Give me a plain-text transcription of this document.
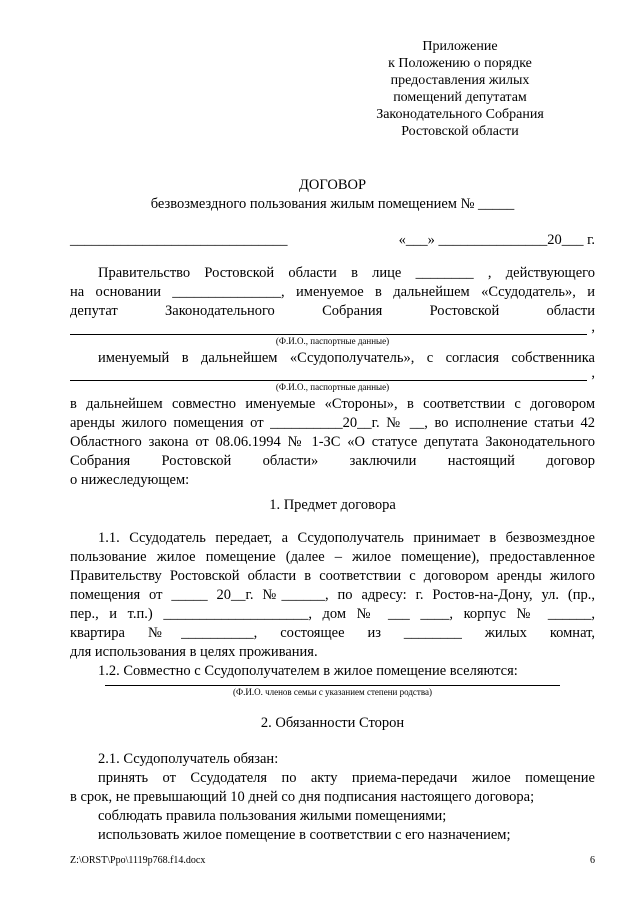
Приложение
к Положению о порядке
предоставления жилых
помещений депутатам
Законодательного Собрания
Ростовской области
ДОГОВОР
безвозмездного пользования жилым помещением № _____
______________________________	«___» _______________20___ г.
Правительство Ростовской области в лице ________ , действующего
на основании _______________, именуемое в дальнейшем «Ссудодатель», и
депутат Законодательного Собрания Ростовской области
,
(Ф.И.О., паспортные данные)
именуемый в дальнейшем «Ссудополучатель», с согласия собственника
,
(Ф.И.О., паспортные данные)
в дальнейшем совместно именуемые «Стороны», в соответствии с договором
аренды жилого помещения от __________20__г. № __, во исполнение статьи 42
Областного закона от 08.06.1994 № 1-ЗС «О статусе депутата Законодательного
Собрания Ростовской области» заключили настоящий договор
о нижеследующем:
1. Предмет договора
1.1. Ссудодатель передает, а Ссудополучатель принимает в безвозмездное
пользование жилое помещение (далее – жилое помещение), предоставленное
Правительству Ростовской области в соответствии с договором аренды жилого
помещения от _____ 20__г. №______, по адресу: г. Ростов-на-Дону, ул. (пр.,
пер., и т.п.) ____________________, дом № ___ ____, корпус № ______,
квартира №__________, состоящее из ________ жилых комнат,
для использования в целях проживания.
1.2. Совместно с Ссудополучателем в жилое помещение вселяются:
(Ф.И.О. членов семьи с указанием степени родства)
2. Обязанности Сторон
2.1. Ссудополучатель обязан:
принять от Ссудодателя по акту приема-передачи жилое помещение
в срок, не превышающий 10 дней со дня подписания настоящего договора;
соблюдать правила пользования жилыми помещениями;
использовать жилое помещение в соответствии с его назначением;
Z:\ORST\Ppo\1119p768.f14.docx	6
